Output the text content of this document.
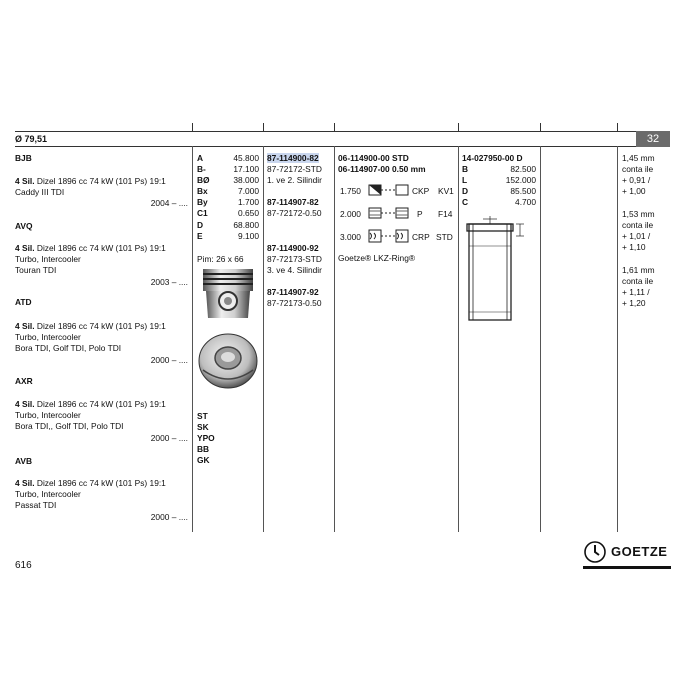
Ø 79,51	32
BJB
4 Sil. Dizel 1896 cc 74 kW (101 Ps) 19:1
Caddy III TDI
2004 – ....
AVQ
4 Sil. Dizel 1896 cc 74 kW (101 Ps) 19:1
Turbo, Intercooler
Touran TDI
2003 – ....
ATD
4 Sil. Dizel 1896 cc 74 kW (101 Ps) 19:1
Turbo, Intercooler
Bora TDI, Golf TDI, Polo TDI
2000 – ....
AXR
4 Sil. Dizel 1896 cc 74 kW (101 Ps) 19:1
Turbo, Intercooler
Bora TDI,, Golf TDI, Polo TDI
2000 – ....
AVB
4 Sil. Dizel 1896 cc 74 kW (101 Ps) 19:1
Turbo, Intercooler
Passat TDI
2000 – ....
A	45.800
B-	17.100
BØ	38.000
Bx	7.000
By	1.700
C1	0.650
D	68.800
E	9.100
Pim: 26 x 66
ST
SK
YPO
BB
GK
87-114900-82
87-72172-STD
1. ve 2. Silindir
87-114907-82
87-72172-0.50
87-114900-92
87-72173-STD
3. ve 4. Silindir
87-114907-92
87-72173-0.50
06-114900-00 STD
06-114907-00 0.50 mm
1.750	CKP KV1
2.000	P F14
3.000	CRP STD
Goetze® LKZ-Ring®
14-027950-00 D
B	82.500
L	152.000
D	85.500
C	4.700
1,45 mm
conta ile
+ 0,91 /
+ 1,00
1,53 mm
conta ile
+ 1,01 /
+ 1,10
1,61 mm
conta ile
+ 1,11 /
+ 1,20
616
GOETZE
